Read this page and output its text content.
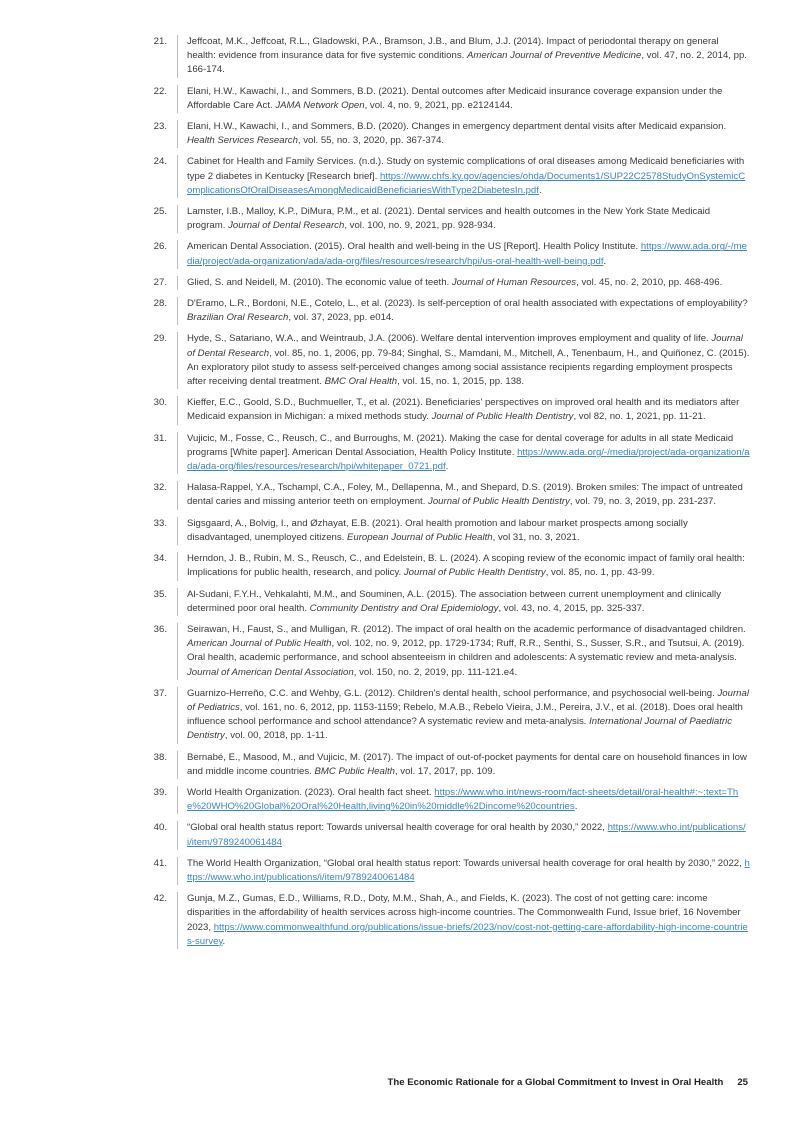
21.	Jeffcoat, M.K., Jeffcoat, R.L., Gladowski, P.A., Bramson, J.B., and Blum, J.J. (2014). Impact of periodontal therapy on general health: evidence from insurance data for five systemic conditions. American Journal of Preventive Medicine, vol. 47, no. 2, 2014, pp. 166-174.
22.	Elani, H.W., Kawachi, I., and Sommers, B.D. (2021). Dental outcomes after Medicaid insurance coverage expansion under the Affordable Care Act. JAMA Network Open, vol. 4, no. 9, 2021, pp. e2124144.
23.	Elani, H.W., Kawachi, I., and Sommers, B.D. (2020). Changes in emergency department dental visits after Medicaid expansion. Health Services Research, vol. 55, no. 3, 2020, pp. 367-374.
24.	Cabinet for Health and Family Services. (n.d.). Study on systemic complications of oral diseases among Medicaid beneficiaries with type 2 diabetes in Kentucky [Research brief]. https://www.chfs.ky.gov/agencies/ohda/Documents1/SUP22C2578StudyOnSystemicComplicationsOfOralDiseasesAmongMedicaidBeneficiariesWithType2DiabetesIn.pdf.
25.	Lamster, I.B., Malloy, K.P., DiMura, P.M., et al. (2021). Dental services and health outcomes in the New York State Medicaid program. Journal of Dental Research, vol. 100, no. 9, 2021, pp. 928-934.
26.	American Dental Association. (2015). Oral health and well-being in the US [Report]. Health Policy Institute. https://www.ada.org/-/media/project/ada-organization/ada/ada-org/files/resources/research/hpi/us-oral-health-well-being.pdf.
27.	Glied, S. and Neidell, M. (2010). The economic value of teeth. Journal of Human Resources, vol. 45, no. 2, 2010, pp. 468-496.
28.	D'Eramo, L.R., Bordoni, N.E., Cotelo, L., et al. (2023). Is self-perception of oral health associated with expectations of employability? Brazilian Oral Research, vol. 37, 2023, pp. e014.
29.	Hyde, S., Satariano, W.A., and Weintraub, J.A. (2006). Welfare dental intervention improves employment and quality of life. Journal of Dental Research, vol. 85, no. 1, 2006, pp. 79-84; Singhal, S., Mamdani, M., Mitchell, A., Tenenbaum, H., and Quiñonez, C. (2015). An exploratory pilot study to assess self-perceived changes among social assistance recipients regarding employment prospects after receiving dental treatment. BMC Oral Health, vol. 15, no. 1, 2015, pp. 138.
30.	Kieffer, E.C., Goold, S.D., Buchmueller, T., et al. (2021). Beneficiaries' perspectives on improved oral health and its mediators after Medicaid expansion in Michigan: a mixed methods study. Journal of Public Health Dentistry, vol 82, no. 1, 2021, pp. 11-21.
31.	Vujicic, M., Fosse, C., Reusch, C., and Burroughs, M. (2021). Making the case for dental coverage for adults in all state Medicaid programs [White paper]. American Dental Association, Health Policy Institute. https://www.ada.org/-/media/project/ada-organization/ada/ada-org/files/resources/research/hpi/whitepaper_0721.pdf.
32.	Halasa-Rappel, Y.A., Tschampl, C.A., Foley, M., Dellapenna, M., and Shepard, D.S. (2019). Broken smiles: The impact of untreated dental caries and missing anterior teeth on employment. Journal of Public Health Dentistry, vol. 79, no. 3, 2019, pp. 231-237.
33.	Sigsgaard, A., Bolvig, I., and Øzhayat, E.B. (2021). Oral health promotion and labour market prospects among socially disadvantaged, unemployed citizens. European Journal of Public Health, vol 31, no. 3, 2021.
34.	Herndon, J. B., Rubin, M. S., Reusch, C., and Edelstein, B. L. (2024). A scoping review of the economic impact of family oral health: Implications for public health, research, and policy. Journal of Public Health Dentistry, vol. 85, no. 1, pp. 43-99.
35.	Al-Sudani, F.Y.H., Vehkalahti, M.M., and Souminen, A.L. (2015). The association between current unemployment and clinically determined poor oral health. Community Dentistry and Oral Epidemiology, vol. 43, no. 4, 2015, pp. 325-337.
36.	Seirawan, H., Faust, S., and Mulligan, R. (2012). The impact of oral health on the academic performance of disadvantaged children. American Journal of Public Health, vol. 102, no. 9, 2012, pp. 1729-1734; Ruff, R.R., Senthi, S., Susser, S.R., and Tsutsui, A. (2019). Oral health, academic performance, and school absenteeism in children and adolescents: A systematic review and meta-analysis. Journal of American Dental Association, vol. 150, no. 2, 2019, pp. 111-121.e4.
37.	Guarnizo-Herreño, C.C. and Wehby, G.L. (2012). Children's dental health, school performance, and psychosocial well-being. Journal of Pediatrics, vol. 161, no. 6, 2012, pp. 1153-1159; Rebelo, M.A.B., Rebelo Vieira, J.M., Pereira, J.V., et al. (2018). Does oral health influence school performance and school attendance? A systematic review and meta-analysis. International Journal of Paediatric Dentistry, vol. 00, 2018, pp. 1-11.
38.	Bernabé, E., Masood, M., and Vujicic, M. (2017). The impact of out-of-pocket payments for dental care on household finances in low and middle income countries. BMC Public Health, vol. 17, 2017, pp. 109.
39.	World Health Organization. (2023). Oral health fact sheet. https://www.who.int/news-room/fact-sheets/detail/oral-health#:~:text=The%20WHO%20Global%20Oral%20Health,living%20in%20middle%2Dincome%20countries.
40.	“Global oral health status report: Towards universal health coverage for oral health by 2030,” 2022, https://www.who.int/publications/i/item/9789240061484
41.	The World Health Organization, “Global oral health status report: Towards universal health coverage for oral health by 2030,” 2022, https://www.who.int/publications/i/item/9789240061484
42.	Gunja, M.Z., Gumas, E.D., Williams, R.D., Doty, M.M., Shah, A., and Fields, K. (2023). The cost of not getting care: income disparities in the affordability of health services across high-income countries. The Commonwealth Fund, Issue brief, 16 November 2023, https://www.commonwealthfund.org/publications/issue-briefs/2023/nov/cost-not-getting-care-affordability-high-income-countries-survey.
The Economic Rationale for a Global Commitment to Invest in Oral Health 25
